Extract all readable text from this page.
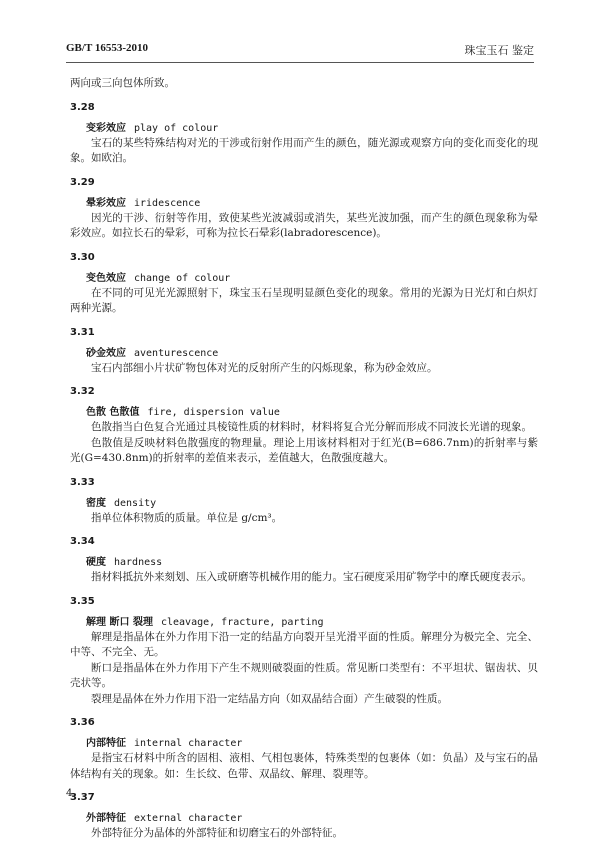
GB/T 16553-2010	珠宝玉石 鉴定

两向或三向包体所致。

3.28
变彩效应 play of colour

宝石的某些特殊结构对光的干涉或衍射作用而产生的颜色，随光源或观察方向的变化而变化的现象。如欧泊。

3.29
晕彩效应 iridescence

因光的干涉、衍射等作用，致使某些光波减弱或消失，某些光波加强，而产生的颜色现象称为晕彩效应。如拉长石的晕彩，可称为拉长石晕彩(labradorescence)。

3.30
变色效应 change of colour

在不同的可见光光源照射下，珠宝玉石呈现明显颜色变化的现象。常用的光源为日光灯和白炽灯两种光源。

3.31
砂金效应 aventurescence

宝石内部细小片状矿物包体对光的反射所产生的闪烁现象，称为砂金效应。

3.32
色散 色散值 fire, dispersion value

色散指当白色复合光通过具棱镜性质的材料时，材料将复合光分解而形成不同波长光谱的现象。

色散值是反映材料色散强度的物理量。理论上用该材料相对于红光(B=686.7nm)的折射率与紫光(G=430.8nm)的折射率的差值来表示，差值越大，色散强度越大。

3.33
密度 density

指单位体积物质的质量。单位是 g/cm³。

3.34
硬度 hardness

指材料抵抗外来刻划、压入或研磨等机械作用的能力。宝石硬度采用矿物学中的摩氏硬度表示。

3.35
解理 断口 裂理 cleavage, fracture, parting

解理是指晶体在外力作用下沿一定的结晶方向裂开呈光滑平面的性质。解理分为极完全、完全、中等、不完全、无。

断口是指晶体在外力作用下产生不规则破裂面的性质。常见断口类型有：不平坦状、锯齿状、贝壳状等。

裂理是晶体在外力作用下沿一定结晶方向（如双晶结合面）产生破裂的性质。

3.36
内部特征 internal character

是指宝石材料中所含的固相、液相、气相包裹体，特殊类型的包裹体（如：负晶）及与宝石的晶体结构有关的现象。如：生长纹、色带、双晶纹、解理、裂理等。

3.37
外部特征 external character

外部特征分为晶体的外部特征和切磨宝石的外部特征。

4
